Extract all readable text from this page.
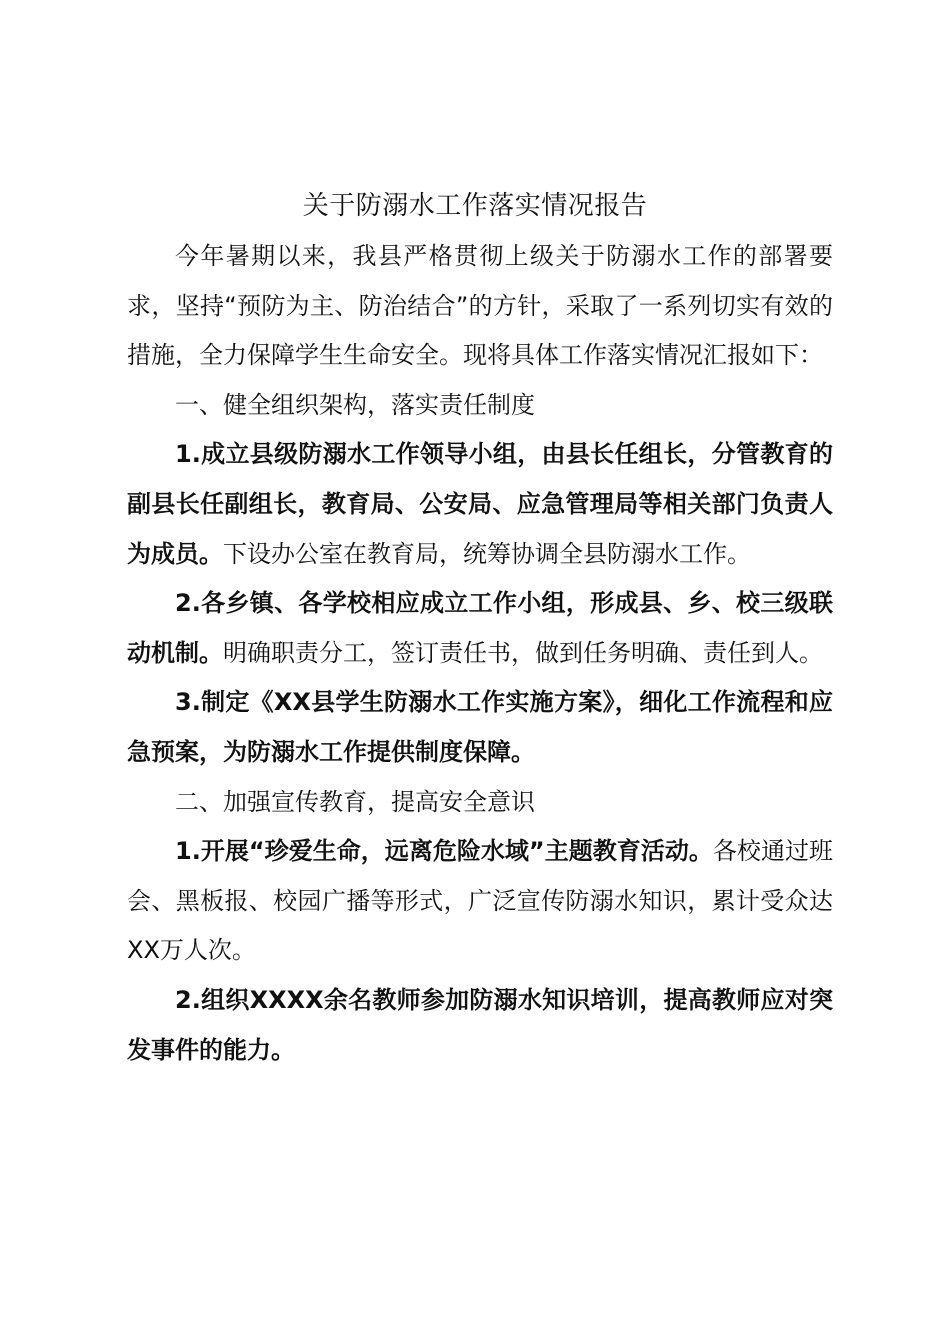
关于防溺水工作落实情况报告

今年暑期以来，我县严格贯彻上级关于防溺水工作的部署要求，坚持“预防为主、防治结合”的方针，采取了一系列切实有效的措施，全力保障学生生命安全。现将具体工作落实情况汇报如下：

一、健全组织架构，落实责任制度

1.成立县级防溺水工作领导小组，由县长任组长，分管教育的副县长任副组长，教育局、公安局、应急管理局等相关部门负责人为成员。下设办公室在教育局，统筹协调全县防溺水工作。

2.各乡镇、各学校相应成立工作小组，形成县、乡、校三级联动机制。明确职责分工，签订责任书，做到任务明确、责任到人。

3.制定《XX县学生防溺水工作实施方案》，细化工作流程和应急预案，为防溺水工作提供制度保障。

二、加强宣传教育，提高安全意识

1.开展“珍爱生命，远离危险水域”主题教育活动。各校通过班会、黑板报、校园广播等形式，广泛宣传防溺水知识，累计受众达XX万人次。

2.组织XXXX余名教师参加防溺水知识培训，提高教师应对突发事件的能力。
